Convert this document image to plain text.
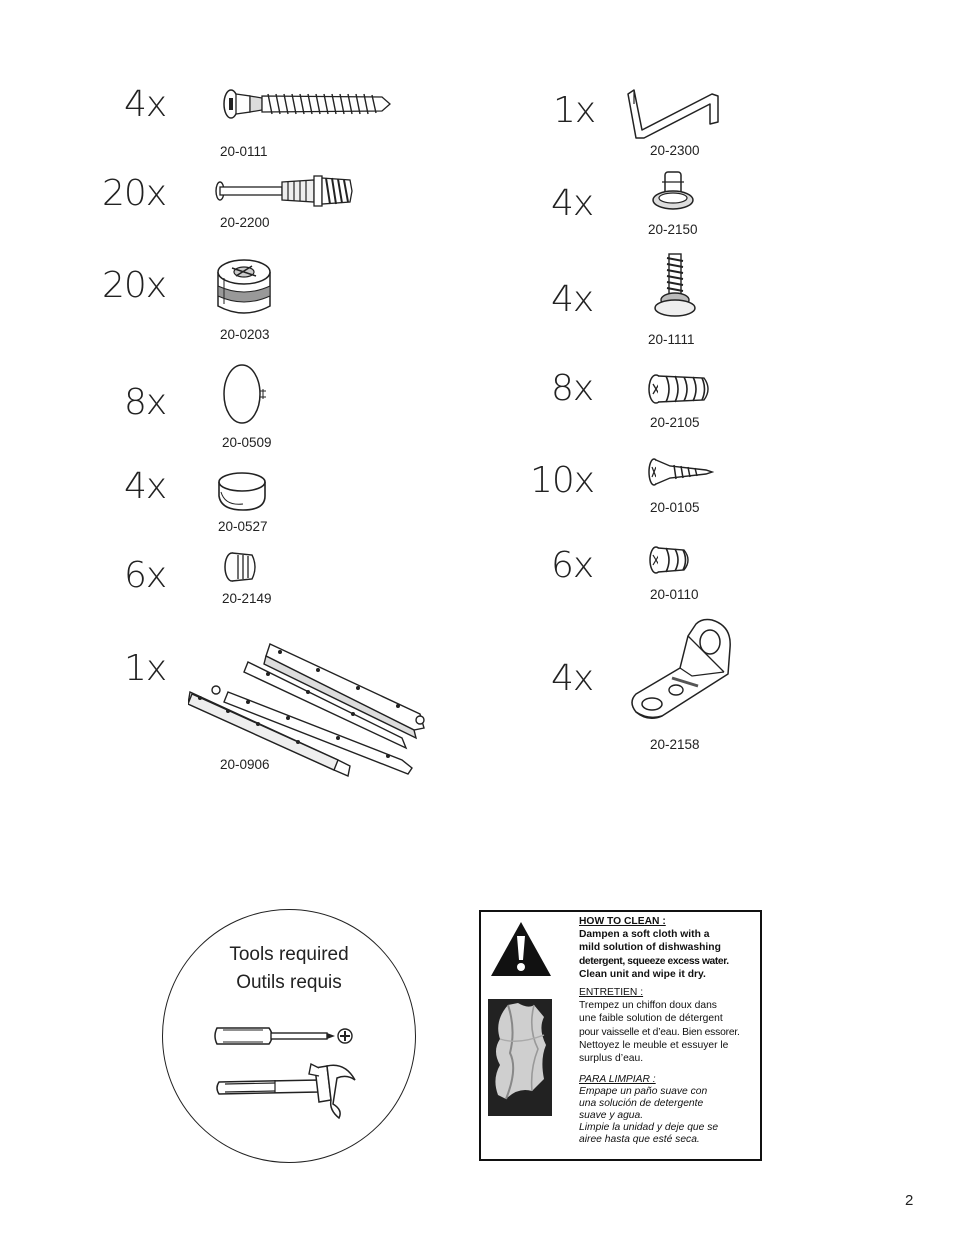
4x
20-0111
20x
20-2200
20x
20-0203
8x
20-0509
4x
20-0527
6x
20-2149
1x
20-0906
1x
20-2300
4x
20-2150
4x
20-1111
8x
20-2105
10x
20-0105
6x
20-0110
4x
20-2158
Tools required
Outils requis
HOW TO CLEAN :
Dampen a soft cloth with a
mild solution of dishwashing
detergent, squeeze excess water.
Clean unit and wipe it dry.
ENTRETIEN :
Trempez un chiffon doux dans
une faible solution de détergent
pour vaisselle et d’eau. Bien essorer.
Nettoyez le meuble et essuyer le
surplus d’eau.
PARA LIMPIAR :
Empape un paño suave con
una solución de detergente
suave y agua.
Limpie la unidad y deje que se
airee hasta que esté seca.
2
